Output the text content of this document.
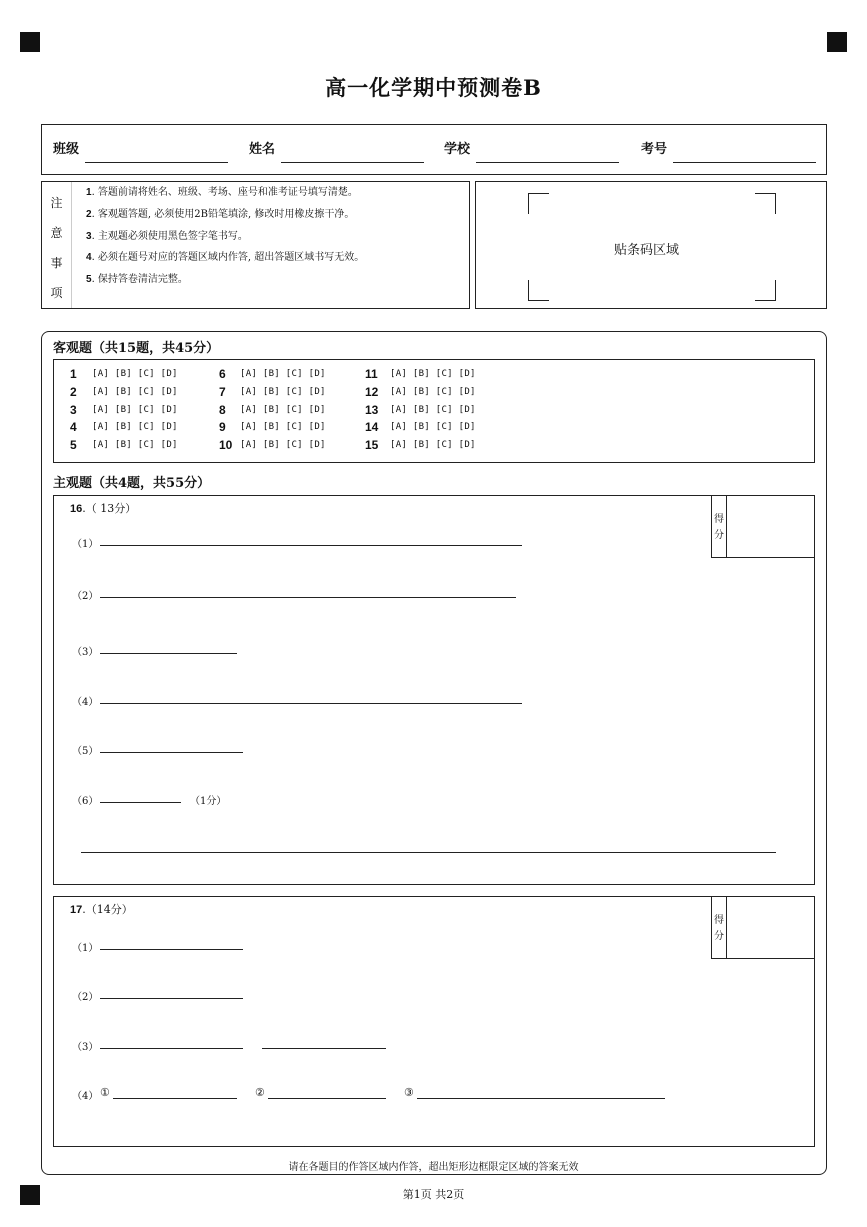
高一化学期中预测卷B
班级	姓名	学校	考号
注
意
事
项
1. 答题前请将姓名、班级、考场、座号和准考证号填写清楚。
2. 客观题答题, 必须使用2B铅笔填涂, 修改时用橡皮擦干净。
3. 主观题必须使用黑色签字笔书写。
4. 必须在题号对应的答题区域内作答, 超出答题区域书写无效。
5. 保持答卷清洁完整。
贴条码区域
客观题（共15题，共45分）
1 [A] [B] [C] [D]
2 [A] [B] [C] [D]
3 [A] [B] [C] [D]
4 [A] [B] [C] [D]
5 [A] [B] [C] [D]
6 [A] [B] [C] [D]
7 [A] [B] [C] [D]
8 [A] [B] [C] [D]
9 [A] [B] [C] [D]
10 [A] [B] [C] [D]
11 [A] [B] [C] [D]
12 [A] [B] [C] [D]
13 [A] [B] [C] [D]
14 [A] [B] [C] [D]
15 [A] [B] [C] [D]
主观题（共4题，共55分）
16.（ 13分）
得分
（1）
（2）
（3）
（4）
（5）
（6）	（1分）
17.（14分）
得分
（1）
（2）
（3）
（4） ①	②	③
请在各题目的作答区域内作答，超出矩形边框限定区域的答案无效
第1页 共2页
